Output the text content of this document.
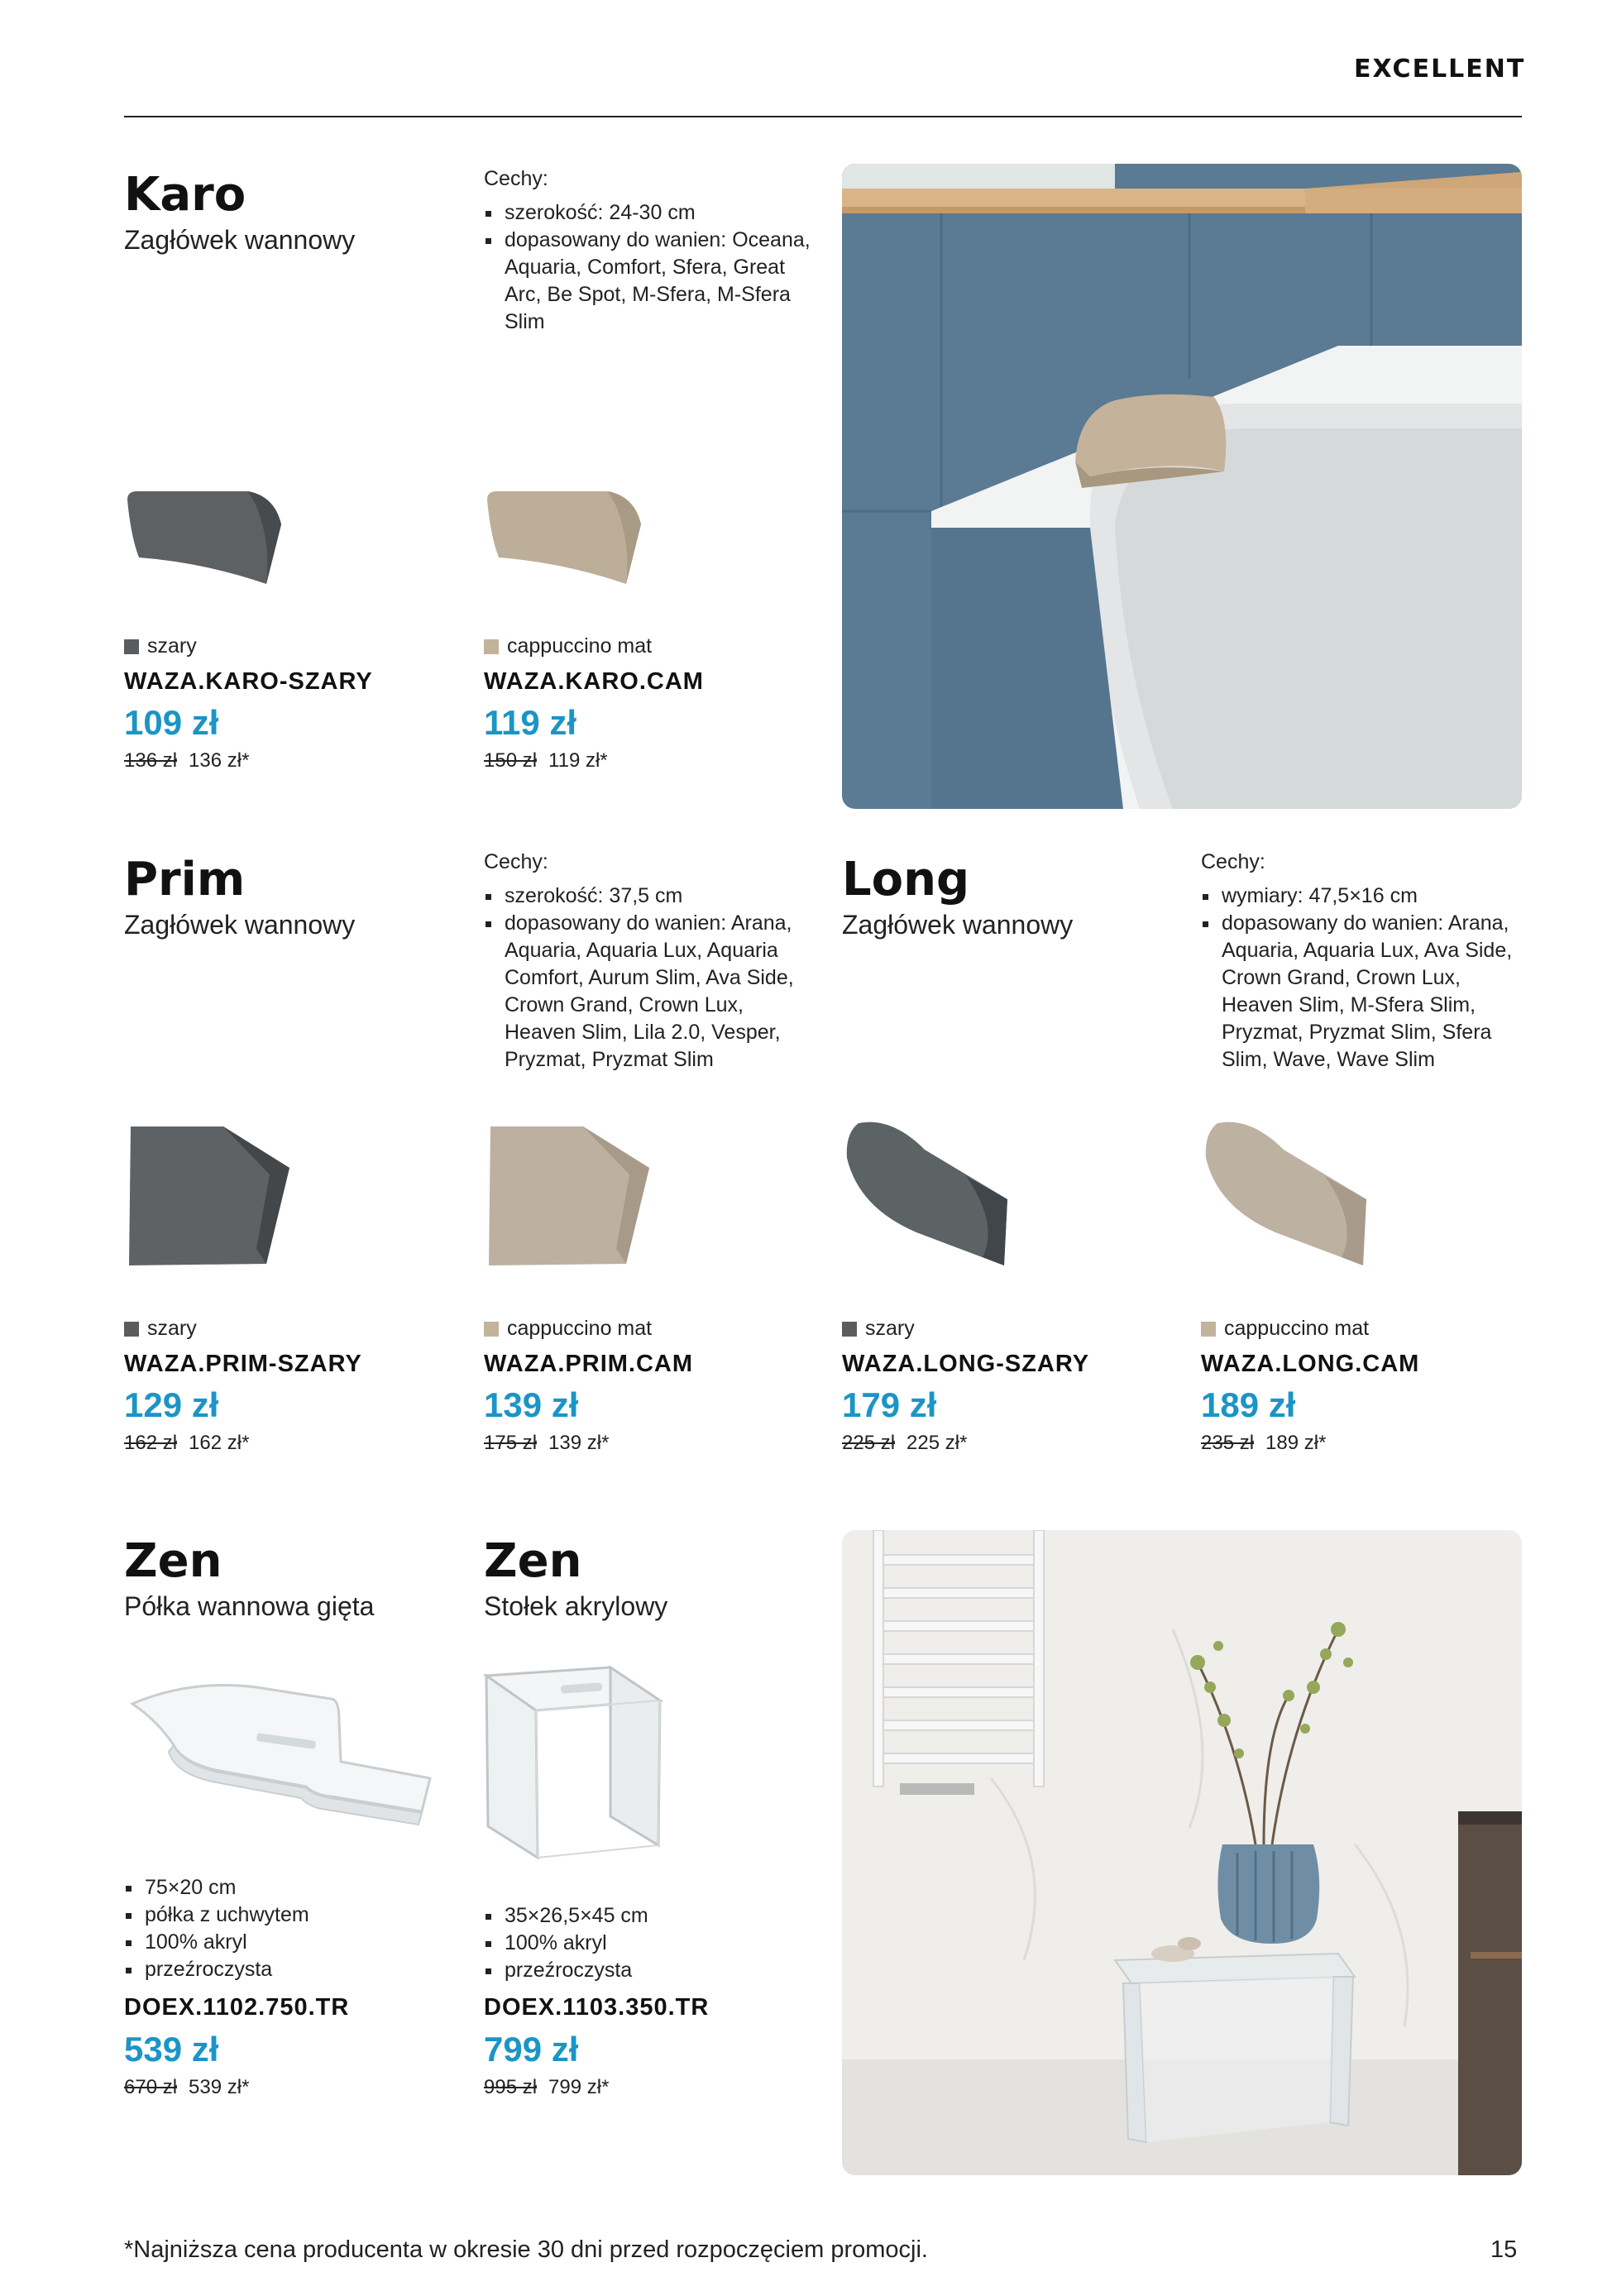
EXCELLENT
Karo
Zagłówek wannowy
Cechy:
szerokość: 24-30 cm
dopasowany do wanien: Oceana, Aquaria, Comfort, Sfera, Great Arc, Be Spot, M-Sfera, M-Sfera Slim
szary
WAZA.KARO-SZARY
109 zł
136 zł 136 zł*
cappuccino mat
WAZA.KARO.CAM
119 zł
150 zł 119 zł*
Prim
Zagłówek wannowy
Cechy:
szerokość: 37,5 cm
dopasowany do wanien: Arana, Aquaria, Aquaria Lux, Aquaria Comfort, Aurum Slim, Ava Side, Crown Grand, Crown Lux, Heaven Slim, Lila 2.0, Vesper, Pryzmat, Pryzmat Slim
Long
Zagłówek wannowy
Cechy:
wymiary: 47,5×16 cm
dopasowany do wanien: Arana, Aquaria, Aquaria Lux, Ava Side, Crown Grand, Crown Lux, Heaven Slim, M-Sfera Slim, Pryzmat, Pryzmat Slim, Sfera Slim, Wave, Wave Slim
szary
WAZA.PRIM-SZARY
129 zł
162 zł 162 zł*
cappuccino mat
WAZA.PRIM.CAM
139 zł
175 zł 139 zł*
szary
WAZA.LONG-SZARY
179 zł
225 zł 225 zł*
cappuccino mat
WAZA.LONG.CAM
189 zł
235 zł 189 zł*
Zen
Półka wannowa gięta
75×20 cm
półka z uchwytem
100% akryl
przeźroczysta
DOEX.1102.750.TR
539 zł
670 zł 539 zł*
Zen
Stołek akrylowy
35×26,5×45 cm
100% akryl
przeźroczysta
DOEX.1103.350.TR
799 zł
995 zł 799 zł*
*Najniższa cena producenta w okresie 30 dni przed rozpoczęciem promocji.	15
